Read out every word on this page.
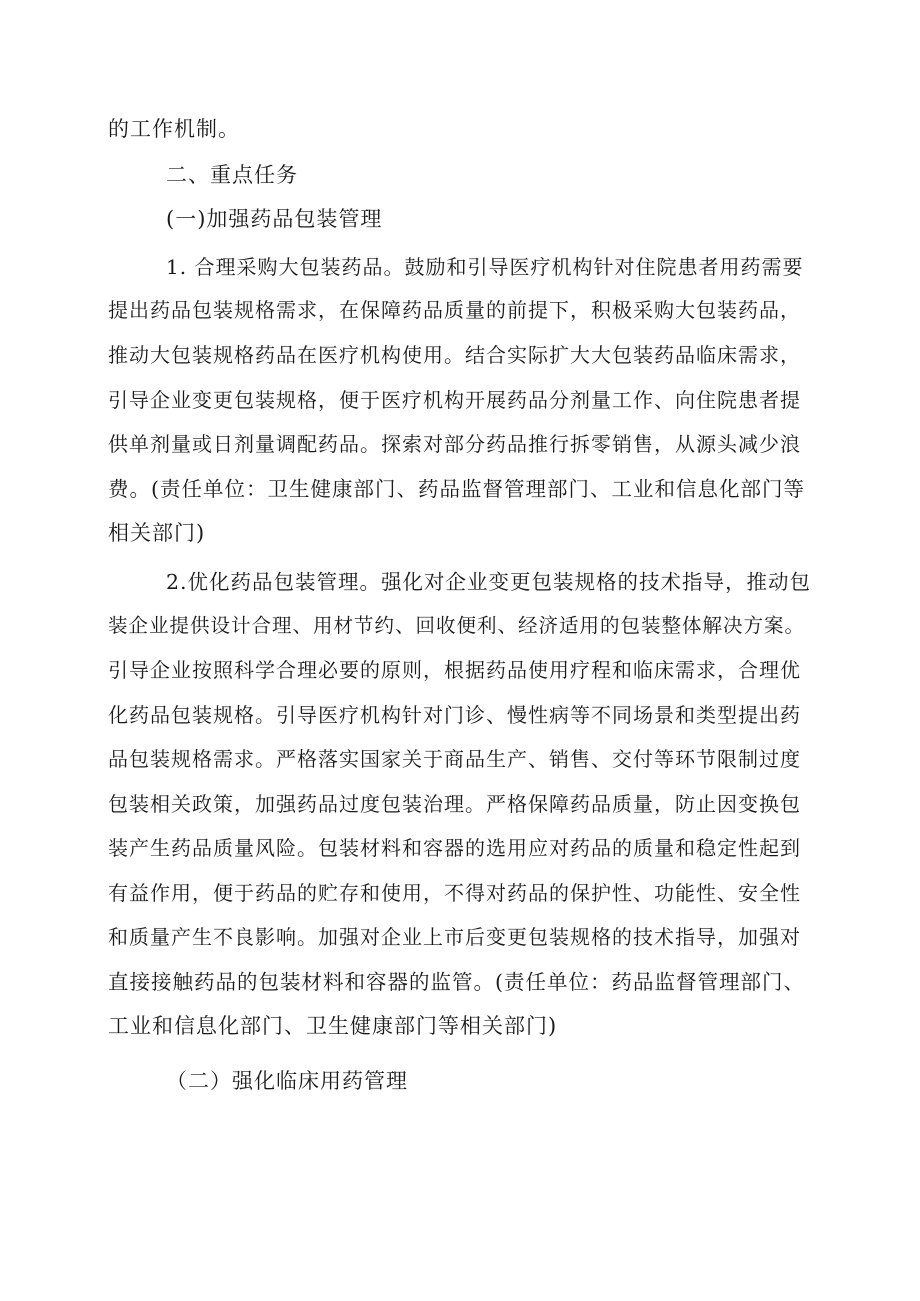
的工作机制。
二、重点任务
(一)加强药品包装管理
1. 合理采购大包装药品。鼓励和引导医疗机构针对住院患者用药需要
提出药品包装规格需求，在保障药品质量的前提下，积极采购大包装药品，
推动大包装规格药品在医疗机构使用。结合实际扩大大包装药品临床需求，
引导企业变更包装规格，便于医疗机构开展药品分剂量工作、向住院患者提
供单剂量或日剂量调配药品。探索对部分药品推行拆零销售，从源头减少浪
费。(责任单位：卫生健康部门、药品监督管理部门、工业和信息化部门等
相关部门)
2.优化药品包装管理。强化对企业变更包装规格的技术指导，推动包
装企业提供设计合理、用材节约、回收便利、经济适用的包装整体解决方案。
引导企业按照科学合理必要的原则，根据药品使用疗程和临床需求，合理优
化药品包装规格。引导医疗机构针对门诊、慢性病等不同场景和类型提出药
品包装规格需求。严格落实国家关于商品生产、销售、交付等环节限制过度
包装相关政策，加强药品过度包装治理。严格保障药品质量，防止因变换包
装产生药品质量风险。包装材料和容器的选用应对药品的质量和稳定性起到
有益作用，便于药品的贮存和使用，不得对药品的保护性、功能性、安全性
和质量产生不良影响。加强对企业上市后变更包装规格的技术指导，加强对
直接接触药品的包装材料和容器的监管。(责任单位：药品监督管理部门、
工业和信息化部门、卫生健康部门等相关部门)
（二）强化临床用药管理
